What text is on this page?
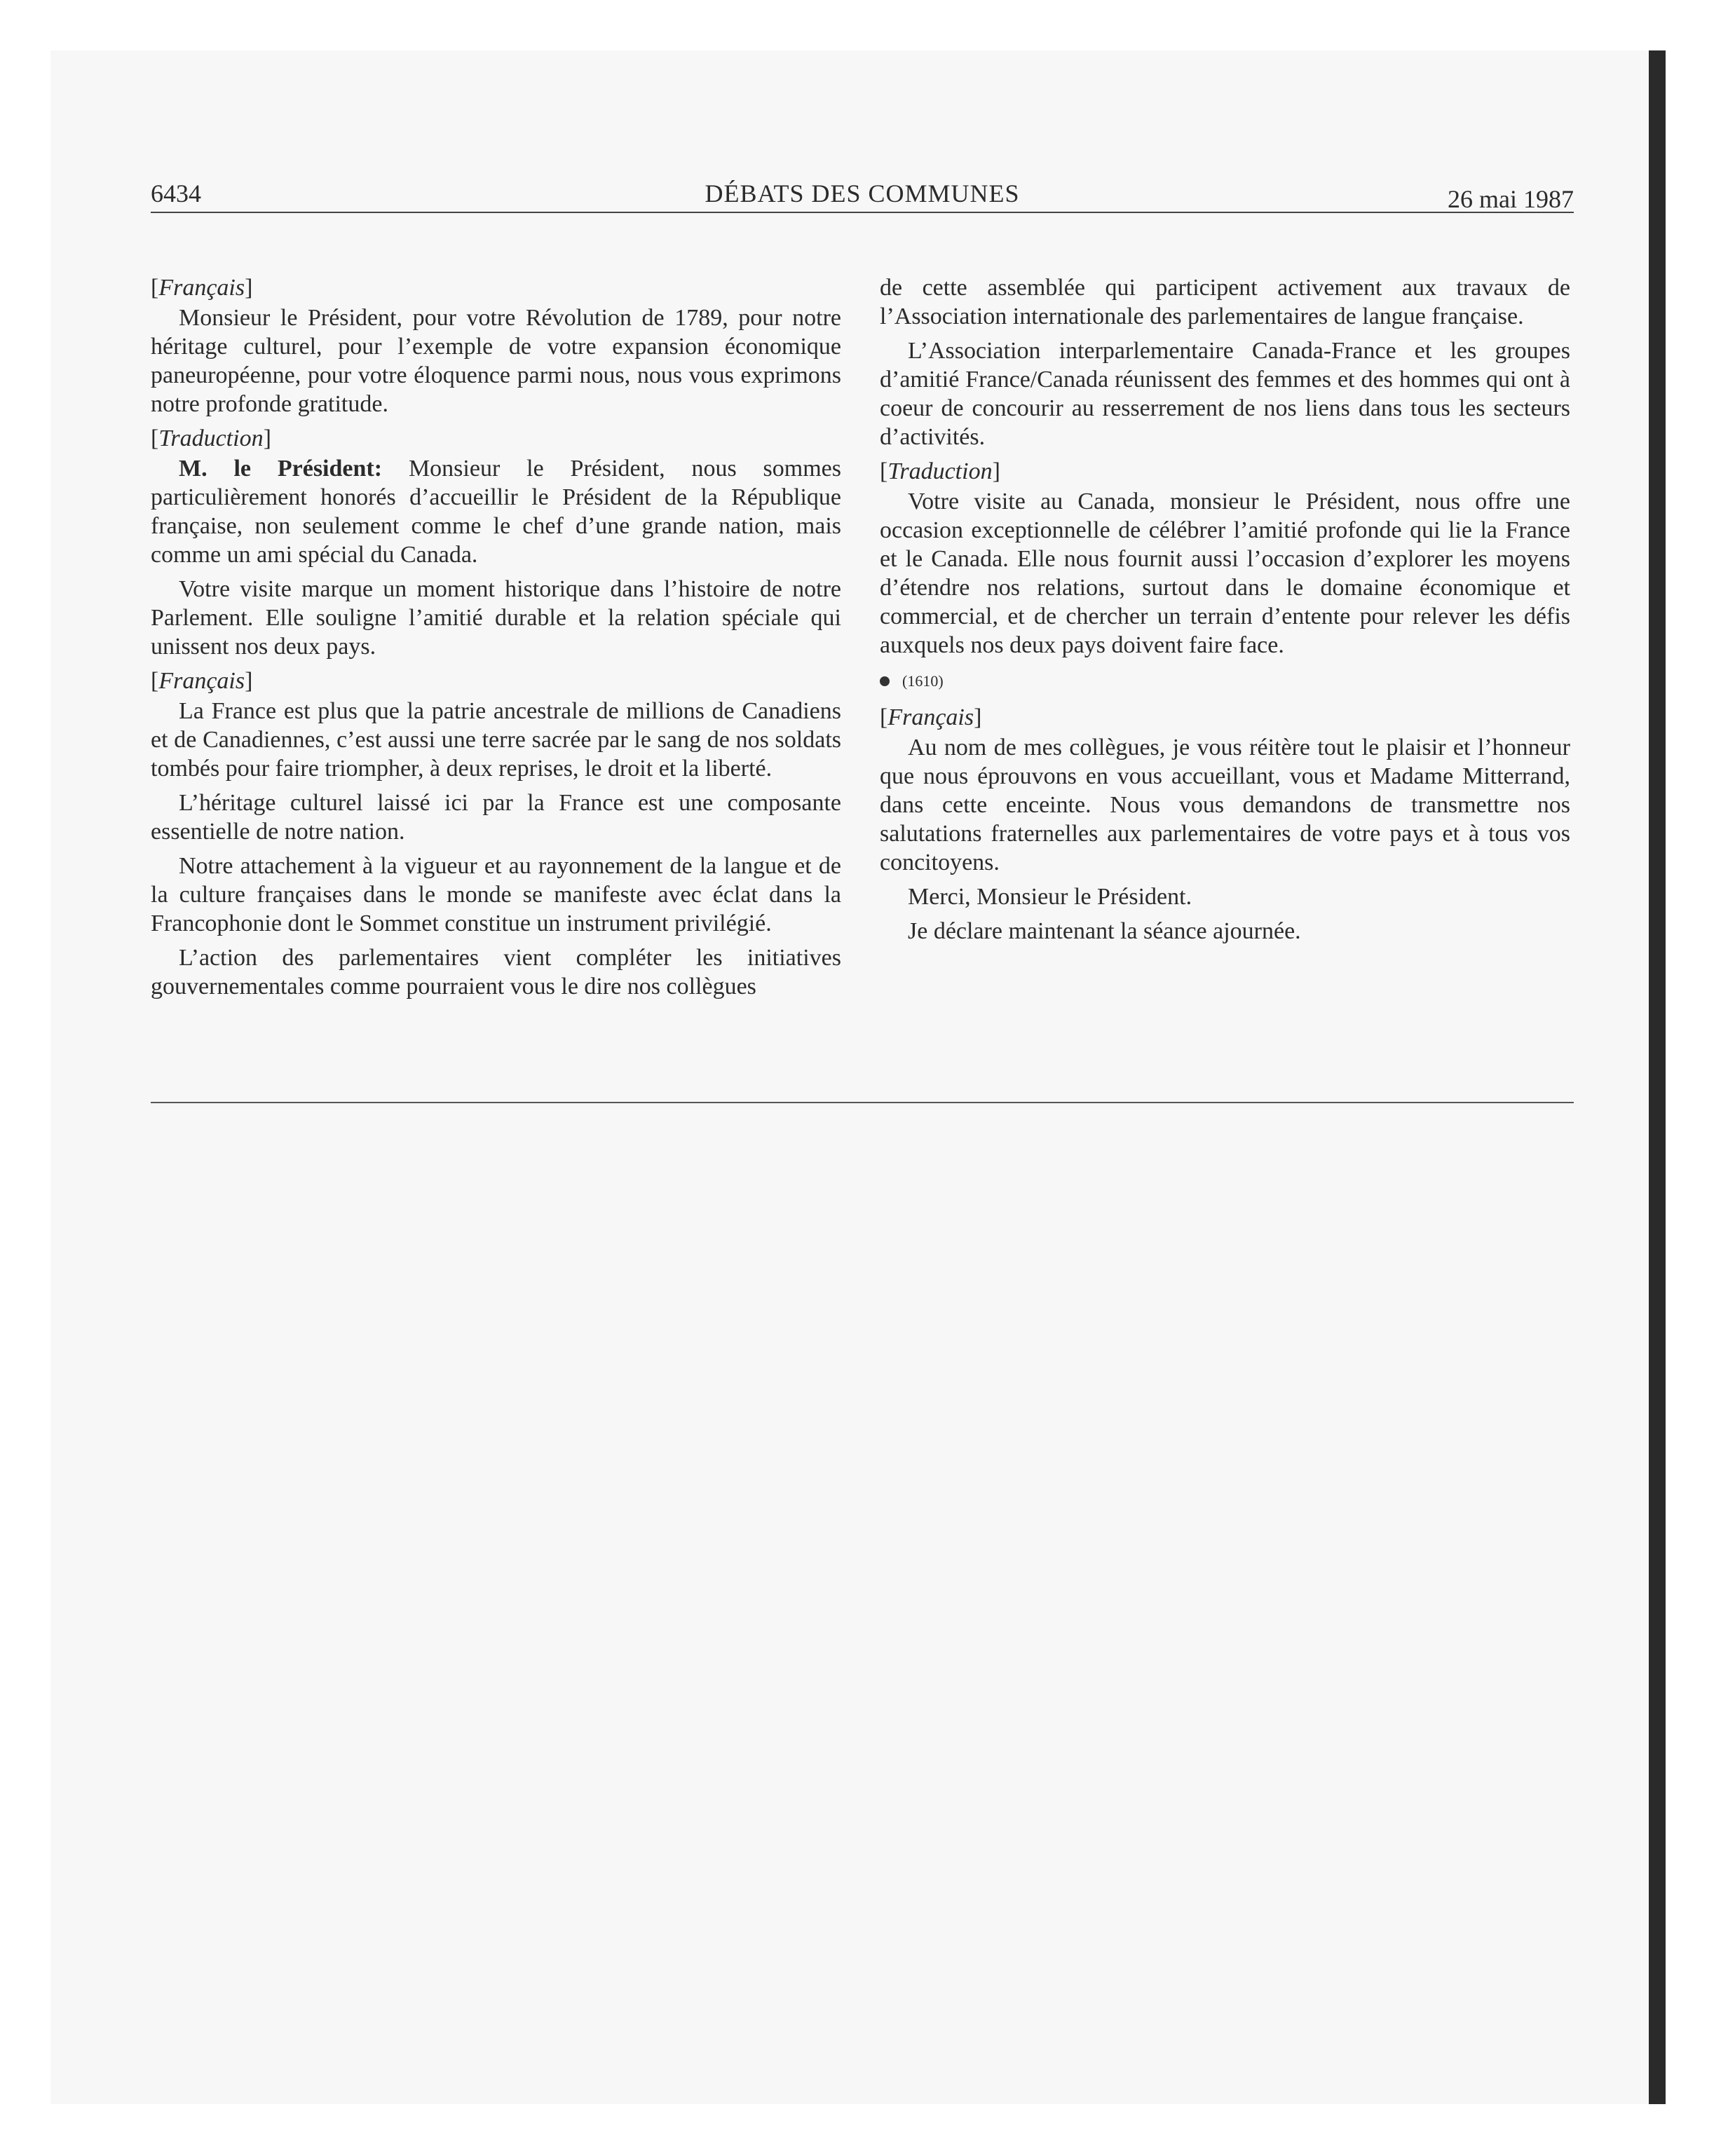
6434	DÉBATS DES COMMUNES	26 mai 1987
[Français]

Monsieur le Président, pour votre Révolution de 1789, pour notre héritage culturel, pour l’exemple de votre expansion économique paneuropéenne, pour votre éloquence parmi nous, nous vous exprimons notre profonde gratitude.

[Traduction]

M. le Président: Monsieur le Président, nous sommes particulièrement honorés d’accueillir le Président de la République française, non seulement comme le chef d’une grande nation, mais comme un ami spécial du Canada.

Votre visite marque un moment historique dans l’histoire de notre Parlement. Elle souligne l’amitié durable et la relation spéciale qui unissent nos deux pays.

[Français]

La France est plus que la patrie ancestrale de millions de Canadiens et de Canadiennes, c’est aussi une terre sacrée par le sang de nos soldats tombés pour faire triompher, à deux reprises, le droit et la liberté.

L’héritage culturel laissé ici par la France est une composante essentielle de notre nation.

Notre attachement à la vigueur et au rayonnement de la langue et de la culture françaises dans le monde se manifeste avec éclat dans la Francophonie dont le Sommet constitue un instrument privilégié.

L’action des parlementaires vient compléter les initiatives gouvernementales comme pourraient vous le dire nos collègues

de cette assemblée qui participent activement aux travaux de l’Association internationale des parlementaires de langue française.

L’Association interparlementaire Canada-France et les groupes d’amitié France/Canada réunissent des femmes et des hommes qui ont à coeur de concourir au resserrement de nos liens dans tous les secteurs d’activités.

[Traduction]

Votre visite au Canada, monsieur le Président, nous offre une occasion exceptionnelle de célébrer l’amitié profonde qui lie la France et le Canada. Elle nous fournit aussi l’occasion d’explorer les moyens d’étendre nos relations, surtout dans le domaine économique et commercial, et de chercher un terrain d’entente pour relever les défis auxquels nos deux pays doivent faire face.

(1610)
[Français]

Au nom de mes collègues, je vous réitère tout le plaisir et l’honneur que nous éprouvons en vous accueillant, vous et Madame Mitterrand, dans cette enceinte. Nous vous demandons de transmettre nos salutations fraternelles aux parlementaires de votre pays et à tous vos concitoyens.

Merci, Monsieur le Président.

Je déclare maintenant la séance ajournée.
